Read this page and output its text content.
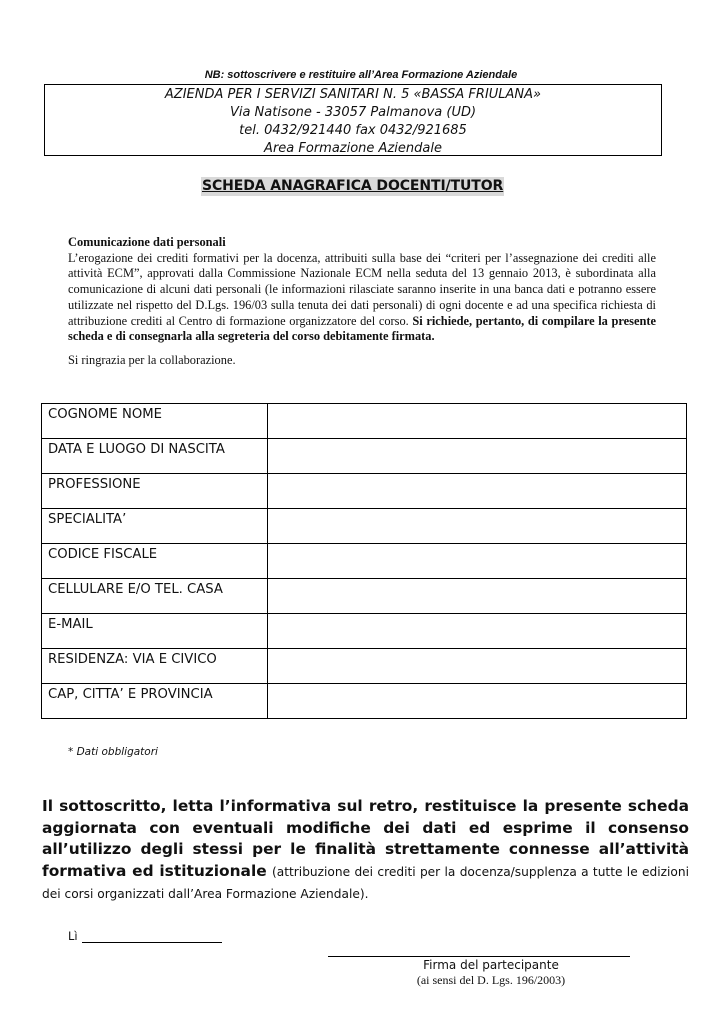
NB: sottoscrivere e restituire all’Area Formazione Aziendale
AZIENDA PER I SERVIZI SANITARI N. 5 «BASSA FRIULANA»
Via Natisone - 33057 Palmanova (UD)
tel. 0432/921440 fax 0432/921685
Area Formazione Aziendale
SCHEDA ANAGRAFICA DOCENTI/TUTOR
Comunicazione dati personali

L’erogazione dei crediti formativi per la docenza, attribuiti sulla base dei “criteri per l’assegnazione dei crediti alle attività ECM”, approvati dalla Commissione Nazionale ECM nella seduta del 13 gennaio 2013, è subordinata alla comunicazione di alcuni dati personali (le informazioni rilasciate saranno inserite in una banca dati e potranno essere utilizzate nel rispetto del D.Lgs. 196/03 sulla tenuta dei dati personali) di ogni docente e ad una specifica richiesta di attribuzione crediti al Centro di formazione organizzatore del corso. Si richiede, pertanto, di compilare la presente scheda e di consegnarla alla segreteria del corso debitamente firmata.

Si ringrazia per la collaborazione.

COGNOME NOME	
DATA E LUOGO DI NASCITA	
PROFESSIONE	
SPECIALITA’	
CODICE FISCALE	
CELLULARE E/O TEL. CASA	
E-MAIL	
RESIDENZA: VIA E CIVICO	
CAP, CITTA’ E PROVINCIA	
* Dati obbligatori
Il sottoscritto, letta l’informativa sul retro, restituisce la presente scheda aggiornata con eventuali modifiche dei dati ed esprime il consenso all’utilizzo degli stessi per le finalità strettamente connesse all’attività formativa ed istituzionale (attribuzione dei crediti per la docenza/supplenza a tutte le edizioni dei corsi organizzati dall’Area Formazione Aziendale).
Lì
Firma del partecipante
(ai sensi del D. Lgs. 196/2003)
